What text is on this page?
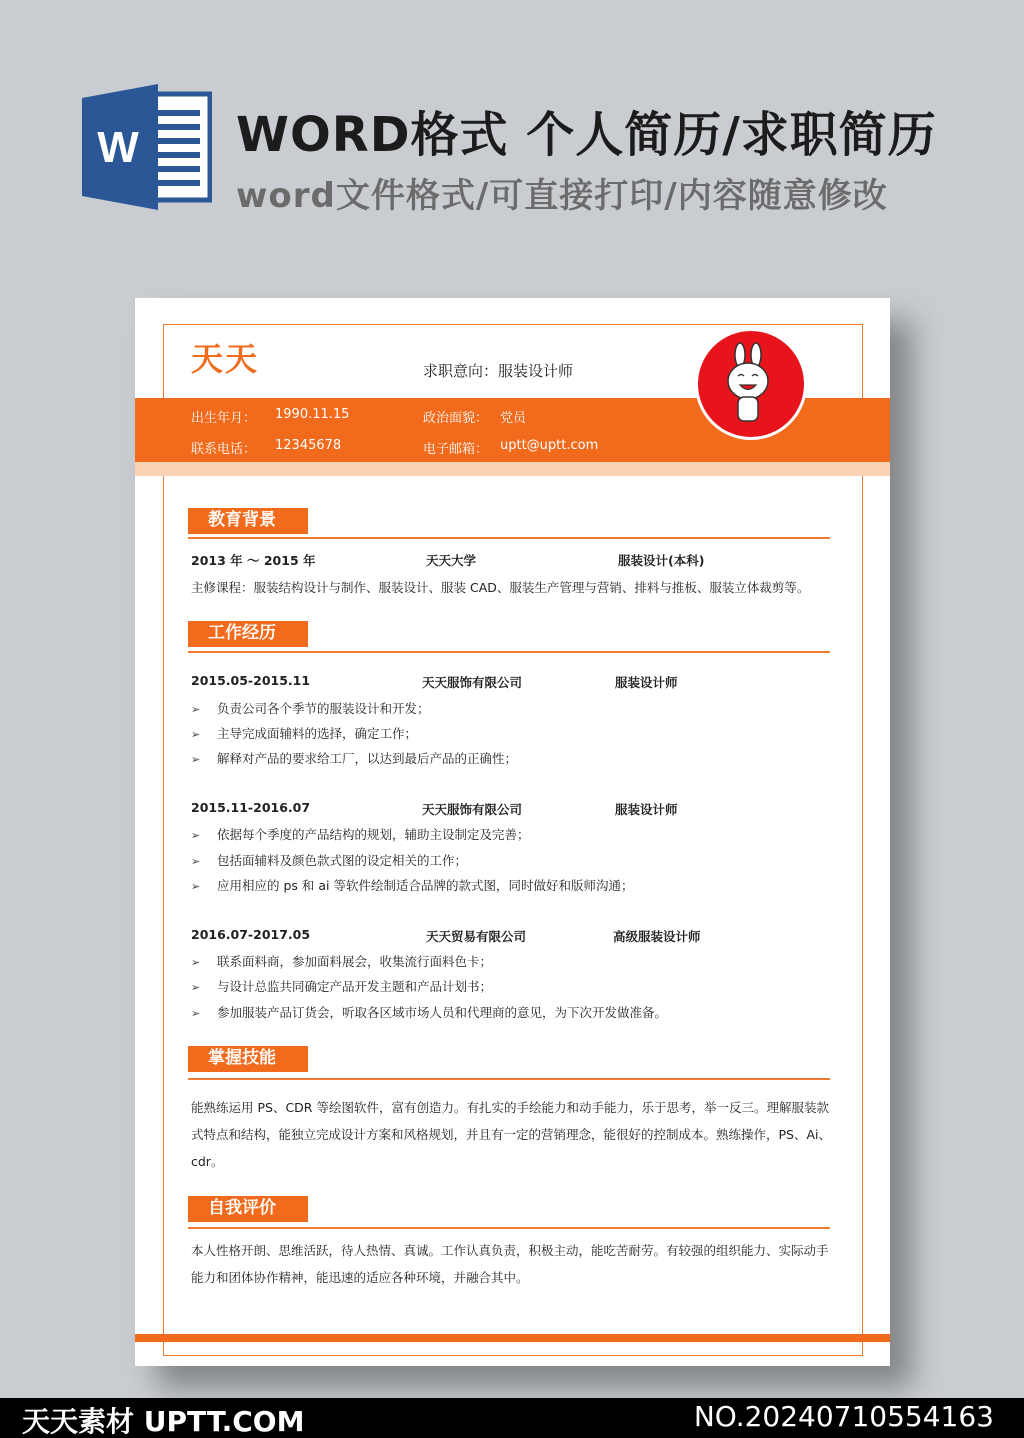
W WORD格式 个人简历/求职简历
word文件格式/可直接打印/内容随意修改
天天	求职意向：服装设计师
出生年月： 1990.11.15	政治面貌： 党员
联系电话： 12345678	电子邮箱： uptt@uptt.com
教育背景
2013 年 ～ 2015 年	天天大学	服装设计(本科)
主修课程：服装结构设计与制作、服装设计、服装 CAD、服装生产管理与营销、排料与推板、服装立体裁剪等。
工作经历
2015.05-2015.11	天天服饰有限公司	服装设计师
➢ 负责公司各个季节的服装设计和开发；
➢ 主导完成面辅料的选择，确定工作；
➢ 解释对产品的要求给工厂，以达到最后产品的正确性；
2015.11-2016.07	天天服饰有限公司	服装设计师
➢ 依据每个季度的产品结构的规划，辅助主设制定及完善；
➢ 包括面辅料及颜色款式图的设定相关的工作；
➢ 应用相应的 ps 和 ai 等软件绘制适合品牌的款式图，同时做好和版师沟通；
2016.07-2017.05	天天贸易有限公司	高级服装设计师
➢ 联系面料商，参加面料展会，收集流行面料色卡；
➢ 与设计总监共同确定产品开发主题和产品计划书；
➢ 参加服装产品订货会，听取各区域市场人员和代理商的意见，为下次开发做准备。
掌握技能
能熟练运用 PS、CDR 等绘图软件，富有创造力。有扎实的手绘能力和动手能力，乐于思考，举一反三。理解服装款式特点和结构，能独立完成设计方案和风格规划，并且有一定的营销理念，能很好的控制成本。熟练操作，PS、Ai、cdr。
自我评价
本人性格开朗、思维活跃，待人热情、真诚。工作认真负责，积极主动，能吃苦耐劳。有较强的组织能力、实际动手能力和团体协作精神，能迅速的适应各种环境，并融合其中。
天天素材 UPTT.COM	NO.20240710554163
